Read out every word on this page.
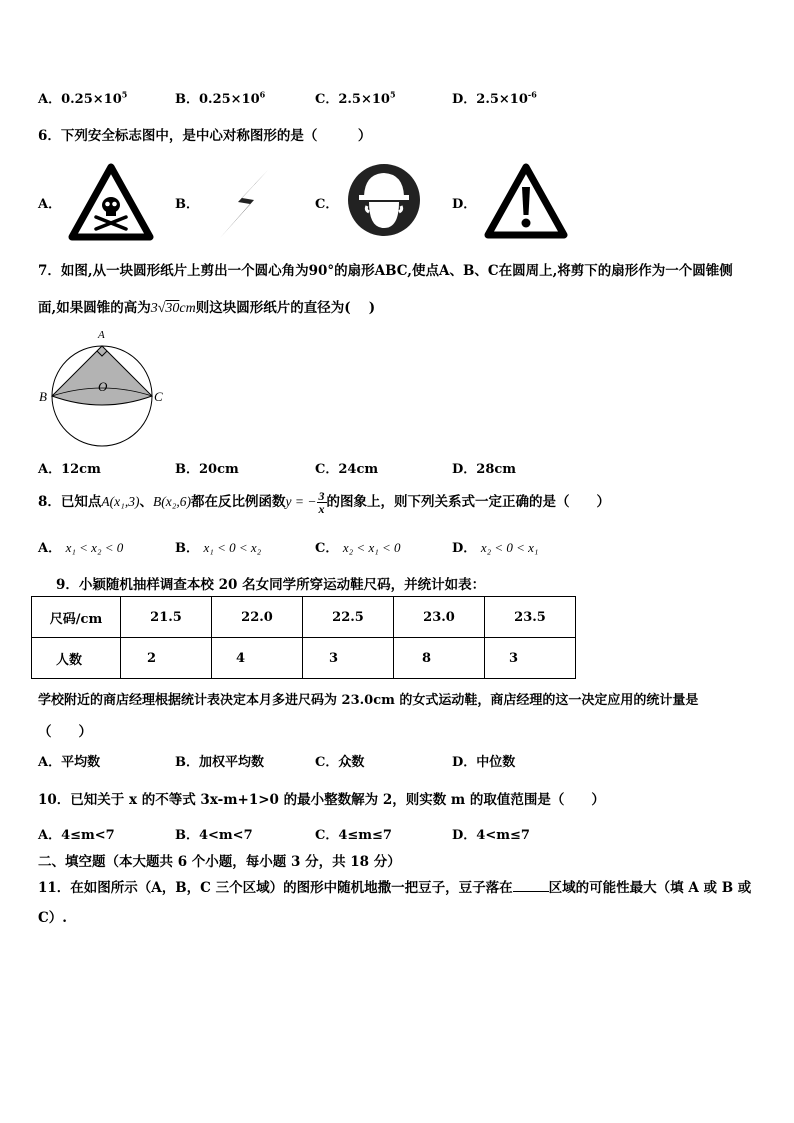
A．$0.25\times 10^5$	B．$0.25\times 10^6$	C．$2.5\times 10^5$	D．$2.5\times 10^{-6}$
6．下列安全标志图中，是中心对称图形的是（　　　）
A．	B．	C．	D．
7．如图,从一块圆形纸片上剪出一个圆心角为90°的扇形ABC,使点A、B、C在圆周上,将剪下的扇形作为一个圆锥侧
面,如果圆锥的高为3√30cm则这块圆形纸片的直径为(　 )
A
B	C
O
A．12cm	B．20cm	C．24cm	D．28cm
8．已知点A(x₁,3)、B(x₂,6)都在反比例函数y = − $\frac{3}{x}$ 的图象上，则下列关系式一定正确的是（　　）
A． x₁ < x₂ < 0	B． x₁ < 0 < x₂	C． x₂ < x₁ < 0	D． x₂ < 0 < x₁
9．小颖随机抽样调查本校 20 名女同学所穿运动鞋尺码，并统计如表：
尺码/cm	21.5	22.0	22.5	23.0	23.5
人数	2	4	3	8	3
学校附近的商店经理根据统计表决定本月多进尺码为 23.0cm 的女式运动鞋，商店经理的这一决定应用的统计量是
（　　）
A．平均数	B．加权平均数	C．众数	D．中位数
10．已知关于 x 的不等式 3x-m+1>0 的最小整数解为 2，则实数 m 的取值范围是（　　）
A．4≤m<7	B．4<m<7	C．4≤m≤7	D．4<m≤7
二、填空题（本大题共 6 个小题，每小题 3 分，共 18 分）
11．在如图所示（A，B，C 三个区域）的图形中随机地撒一把豆子，豆子落在	区域的可能性最大（填 A 或 B 或
C）.
